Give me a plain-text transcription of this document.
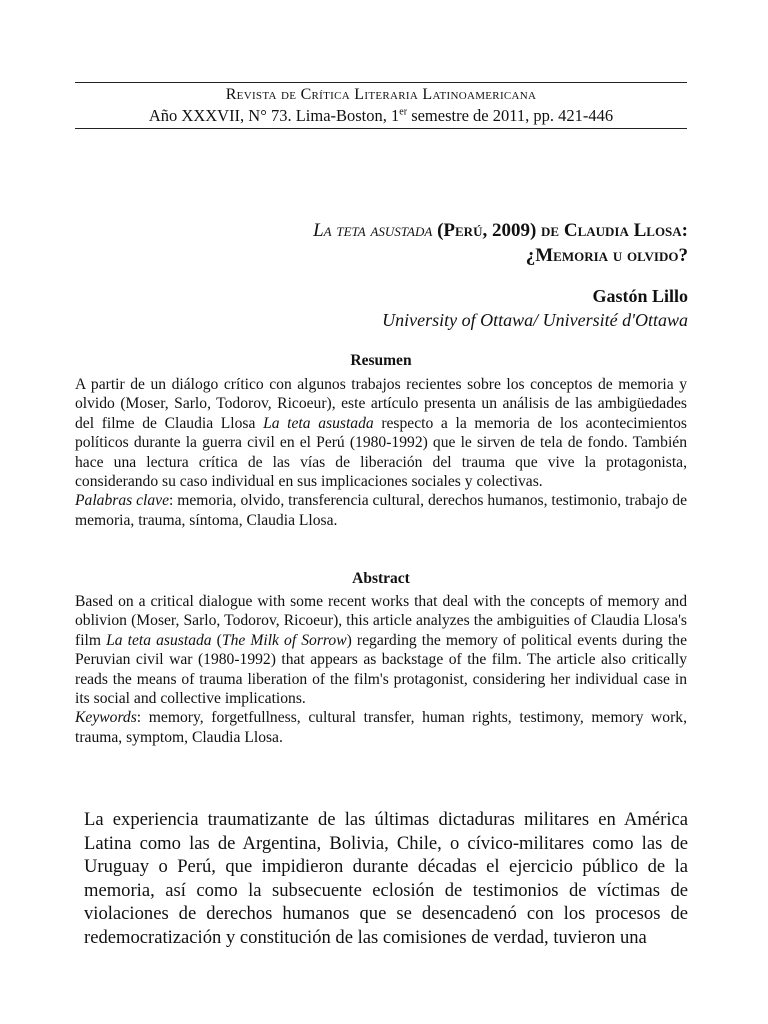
Revista de Crítica Literaria Latinoamericana
Año XXXVII, N° 73. Lima-Boston, 1er semestre de 2011, pp. 421-446
La teta asustada (Perú, 2009) de Claudia Llosa:
¿Memoria u olvido?
Gastón Lillo
University of Ottawa/ Université d'Ottawa
Resumen
A partir de un diálogo crítico con algunos trabajos recientes sobre los conceptos de memoria y olvido (Moser, Sarlo, Todorov, Ricoeur), este artículo presenta un análisis de las ambigüedades del filme de Claudia Llosa La teta asustada respecto a la memoria de los acontecimientos políticos durante la guerra civil en el Perú (1980-1992) que le sirven de tela de fondo. También hace una lectura crítica de las vías de liberación del trauma que vive la protagonista, considerando su caso individual en sus implicaciones sociales y colectivas.
Palabras clave: memoria, olvido, transferencia cultural, derechos humanos, testimonio, trabajo de memoria, trauma, síntoma, Claudia Llosa.
Abstract
Based on a critical dialogue with some recent works that deal with the concepts of memory and oblivion (Moser, Sarlo, Todorov, Ricoeur), this article analyzes the ambiguities of Claudia Llosa's film La teta asustada (The Milk of Sorrow) regarding the memory of political events during the Peruvian civil war (1980-1992) that appears as backstage of the film. The article also critically reads the means of trauma liberation of the film's protagonist, considering her individual case in its social and collective implications.
Keywords: memory, forgetfullness, cultural transfer, human rights, testimony, memory work, trauma, symptom, Claudia Llosa.
La experiencia traumatizante de las últimas dictaduras militares en América Latina como las de Argentina, Bolivia, Chile, o cívico-militares como las de Uruguay o Perú, que impidieron durante décadas el ejercicio público de la memoria, así como la subsecuente eclosión de testimonios de víctimas de violaciones de derechos humanos que se desencadenó con los procesos de redemocratización y constitución de las comisiones de verdad, tuvieron una
